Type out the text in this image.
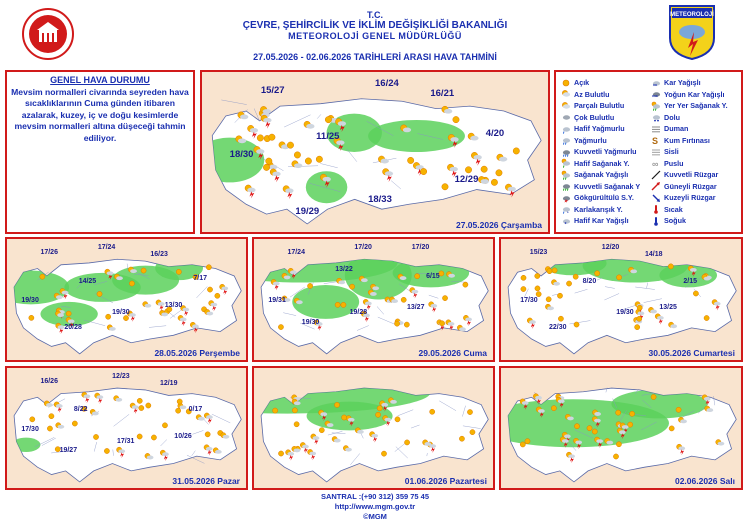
T.C.
ÇEVRE, ŞEHİRCİLİK VE İKLİM DEĞİŞİKLİĞİ BAKANLIĞI
METEOROLOJİ GENEL MÜDÜRLÜĞÜ
27.05.2026 - 02.06.2026 TARİHLERİ ARASI HAVA TAHMİNİ
METEOROLOJİ
GENEL HAVA DURUMU
Mevsim normalleri civarında seyreden hava sıcaklıklarının Cuma günden itibaren azalarak, kuzey, iç ve doğu kesimlerde mevsim normalleri altına düşeceği tahmin ediliyor.
27.05.2026 Çarşamba
15/27
16/24
16/21
11/25	4/20
18/30
12/29
19/29
18/33
Açık
Az Bulutlu
Parçalı Bulutlu
Çok Bulutlu
Hafif Yağmurlu
Yağmurlu
Kuvvetli Yağmurlu
Hafif Sağanak Y.
Sağanak Yağışlı
Kuvvetli Sağanak Y
Gökgürültülü S.Y.
* Karlakarışık Y.
* Hafif Kar Yağışlı
** Kar Yağışlı
*** Yoğun Kar Yağışlı
Yer Yer Sağanak Y.
Dolu
Duman
S Kum Fırtınası
Sisli
∞ Puslu
Kuvvetli Rüzgar
Güneyli Rüzgar
Kuzeyli Rüzgar
Sıcak
Soğuk
28.05.2026 Perşembe
17/26
17/24
16/23
7/17
14/25
19/30
13/30
19/30
20/28
29.05.2026 Cuma
17/24
17/20	17/20
13/22
6/15
19/31
13/27
19/28
19/30
30.05.2026 Cumartesi
15/23
12/20
14/18
8/20	2/15
17/30
13/25
19/30
22/30
31.05.2026 Pazar
16/26
12/23
12/19
8/22	0/17
17/30
17/31
10/26
19/27
01.06.2026 Pazartesi	02.06.2026 Salı
SANTRAL :(+90 312) 359 75 45
http://www.mgm.gov.tr
©MGM
